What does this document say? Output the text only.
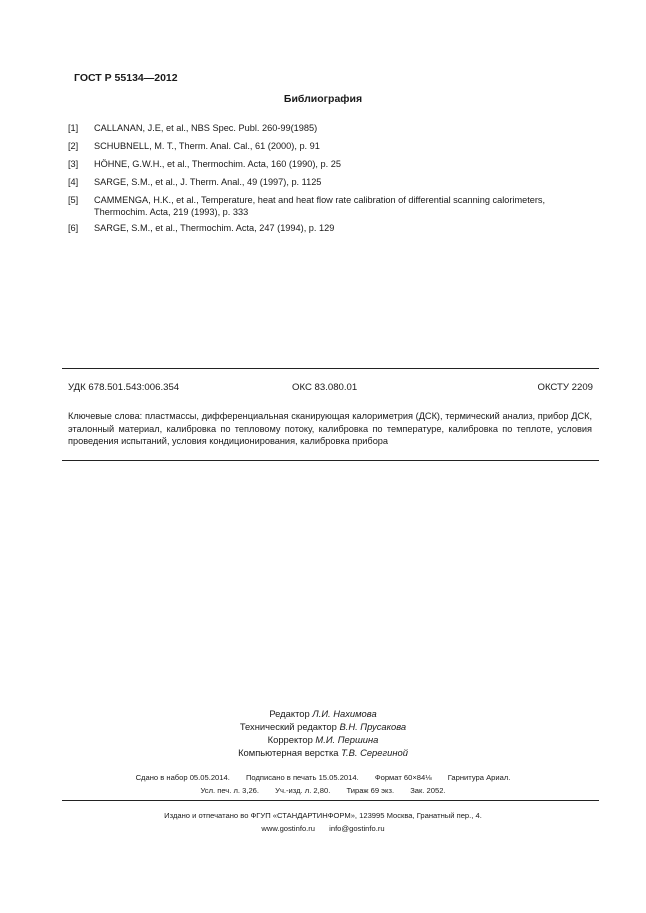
ГОСТ Р 55134—2012
Библиография
[1] CALLANAN, J.E, et al., NBS Spec. Publ. 260-99(1985)
[2] SCHUBNELL, M. T., Therm. Anal. Cal., 61 (2000), p. 91
[3] HÖHNE, G.W.H., et al., Thermochim. Acta, 160 (1990), p. 25
[4] SARGE, S.M., et al., J. Therm. Anal., 49 (1997), p. 1125
[5] CAMMENGA, H.K., et al., Temperature, heat and heat flow rate calibration of differential scanning calorimeters, Thermochim. Acta, 219 (1993), p. 333
[6] SARGE, S.M., et al., Thermochim. Acta, 247 (1994), p. 129
УДК 678.501.543:006.354	ОКС 83.080.01	ОКСТУ 2209
Ключевые слова: пластмассы, дифференциальная сканирующая калориметрия (ДСК), термический анализ, прибор ДСК, эталонный материал, калибровка по тепловому потоку, калибровка по температуре, калибровка по теплоте, условия проведения испытаний, условия кондиционирования, калибровка прибора
Редактор Л.И. Нахимова
Технический редактор В.Н. Прусакова
Корректор М.И. Першина
Компьютерная верстка Т.В. Серегиной
Сдано в набор 05.05.2014. Подписано в печать 15.05.2014. Формат 60×84⅛ Гарнитура Ариал.
Усл. печ. л. 3,26. Уч.-изд. л. 2,80. Тираж 69 экз. Зак. 2052.
Издано и отпечатано во ФГУП «СТАНДАРТИНФОРМ», 123995 Москва, Гранатный пер., 4.
www.gostinfo.ru info@gostinfo.ru
